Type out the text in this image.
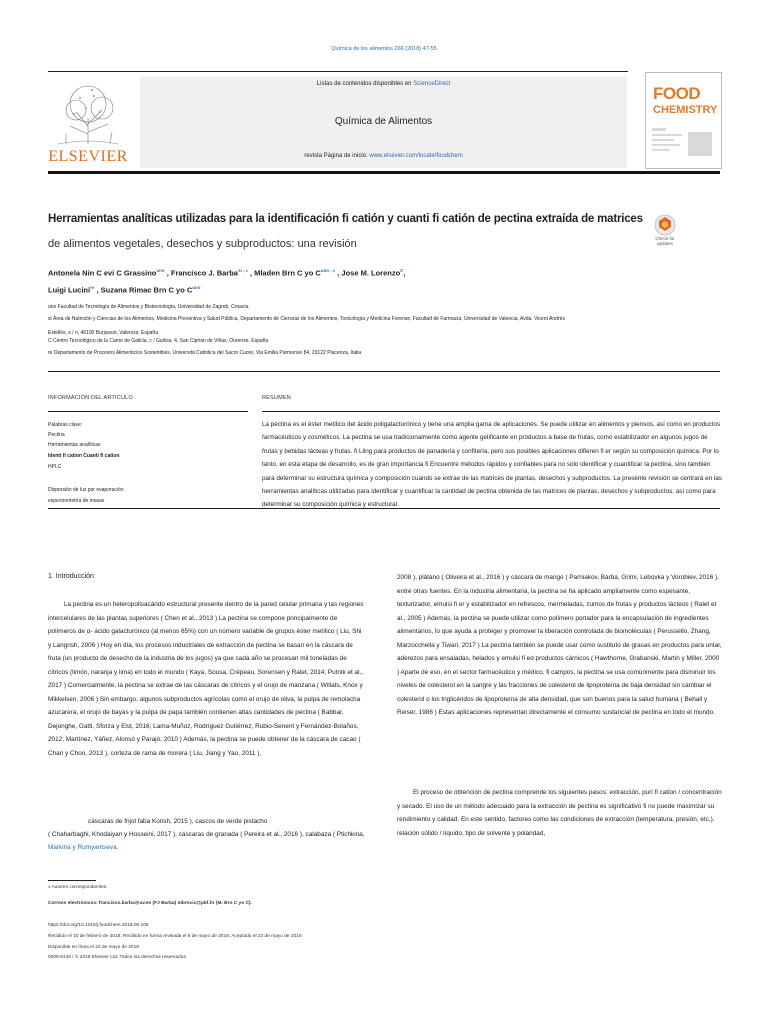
Química de los alimentos 266 (2018) 47-55
Listas de contenidos disponibles en ScienceDirect
Química de Alimentos
revista Página de inicio: www.elsevier.com/locate/foodchem
ELSEVIER
FOOD
CHEMISTRY
Herramientas analíticas utilizadas para la identificación ﬁ catión y cuanti ﬁ catión de pectina extraída de matrices
de alimentos vegetales, desechos y subproductos: una revisión	Check for updates
Antonela Nin C evi C Grassino$^{uno}$ , Francisco J. Barba$^{si , ⁎}$ , Mladen Brn C yo $C^{uno , ⁎}$ , Jose M. Lorenzo$^C$,
Luigi Lucini$^{re}$ , Suzana Rimac Brn C yo $C^{uno}$
uno Facultad de Tecnología de Alimentos y Biotecnología, Universidad de Zagreb, Croacia.
si Área de Nutrición y Ciencias de los Alimentos, Medicina Preventiva y Salud Pública, Departamento de Ciencias de los Alimentos, Toxicología y Medicina Forense, Facultad de Farmacia, Universidad de Valencia, Avda. Vicent Andrés
Estellés, s / n, 46100 Burjassot, Valencia, España
C Centro Tecnológico de la Carne de Galicia, c / Galicia, 4, San Ciprián de Viñas, Ourense, España
re Departamento de Procesos Alimenticios Sostenibles, Università Cattolica del Sacro Cuore, Via Emilia Parmense 84, 29122 Piacenza, Italia
INFORMACIÓN DEL ARTÍCULO
Palabras clave:
Pectina
Herramientas analíticas
Identi ﬁ cation Cuanti ﬁ cation
HPLC
Dispersión de luz por evaporación
espectrometría de masas
RESUMEN
La pectina es el éster metílico del ácido poligalacturónico y tiene una amplia gama de aplicaciones. Se puede utilizar en alimentos y piensos, así como en productos farmacéuticos y cosméticos. La pectina se usa tradicionalmente como agente gelificante en productos a base de frutas, como estabilizador en algunos jugos de frutas y bebidas lácteas y frutas. ﬁ Lling para productos de panadería y confitería, pero sus posibles aplicaciones difieren ﬁ er según su composición química. Por lo tanto, en esta etapa de desarrollo, es de gran importancia ﬁ Encuentre métodos rápidos y confiables para no solo identificar y cuantificar la pectina, sino también para determinar su estructura química y composición cuando se extrae de las matrices de plantas, desechos y subproductos. La presente revisión se centrará en las herramientas analíticas utilizadas para identificar y cuantificar la cantidad de pectina obtenida de las matrices de plantas, desechos y subproductos, así como para determinar su composición química y estructural.
1. Introducción
La pectina es un heteropolisacárido estructural presente dentro de la pared celular primaria y las regiones intercelulares de las plantas superiores ( Chen et al., 2013 ) La pectina se compone principalmente de polímeros de α- ácido galacturónico (al menos 65%) con un número variable de grupos éster metílico ( Liu, Shi y Langrish, 2006 ) Hoy en día, los procesos industriales de extracción de pectina se basan en la cáscara de fruta (un producto de desecho de la industria de los jugos) ya que cada año se procesan mil toneladas de cítricos (limón, naranja y lima) en todo el mundo ( Kaya, Sousa, Crépeau, Sorensen y Ralet, 2014; Putnik et al., 2017 ) Comercialmente, la pectina se extrae de las cáscaras de cítricos y el orujo de manzana ( Willats, Knox y Mikkelsen, 2006 ) Sin embargo, algunos subproductos agrícolas como el orujo de oliva, la pulpa de remolacha azucarera, el orujo de bayas y la pulpa de papa también contienen altas cantidades de pectina ( Babbar, Dejonghe, Gatti, Sforza y Elst, 2016; Lama-Muñoz, Rodríguez Gutiérrez, Rubio-Senent y Fernández-Bolaños, 2012; Martínez, Yáñez, Alonsó y Parajó, 2010 ) Además, la pectina se puede obtener de la cáscara de cacao ( Chan y Choo, 2013 ), corteza de rama de morera ( Liu, Jiang y Yao, 2011 ),
2008 ), plátano ( Oliveira et al., 2016 ) y cáscara de mango ( Parniakov, Barba, Grimi, Lebovka y Vorobiev, 2016 ), entre otras fuentes. En la industria alimentaria, la pectina se ha aplicado ampliamente como espesante, texturizador, emulsi ﬁ er y estabilizador en refrescos, mermeladas, zumos de frutas y productos lácteos ( Ralet et al., 2005 ) Además, la pectina se puede utilizar como polímero portador para la encapsulación de ingredientes alimentarios, lo que ayuda a proteger y promover la liberación controlada de biomoléculas ( Perussello, Zhang, Marzocchella y Tiwari, 2017 ) La pectina también se puede usar como sustituto de grasas en productos para untar, aderezos para ensaladas, helados y emulsi ﬁ ed productos cárnicos ( Hawthorne, Grabanski, Martin y Miller, 2000 ) Aparte de eso, en el sector farmacéutico y médico. ﬁ campos, la pectina se usa comúnmente para disminuir los niveles de colesterol en la sangre y las fracciones de colesterol de lipoproteína de baja densidad sin cambiar el colesterol o los triglicéridos de lipoproteína de alta densidad, que son buenos para la salud humana ( Behall y Reiser, 1986 ) Estas aplicaciones representan directamente el consumo sustancial de pectina en todo el mundo.
El proceso de obtención de pectina comprende los siguientes pasos: extracción, puri ﬁ cation / concentración y secado. El uso de un método adecuado para la extracción de pectina es significativo ﬁ no puede maximizar su rendimiento y calidad. En este sentido, factores como las condiciones de extracción (temperatura, presión, etc.), relación sólido / líquido, tipo de solvente y polaridad,
cáscaras de frijol faba Korish, 2015 ), cascos de verde pistacho
( Chaharbaghi, Khodaiyan y Hosseini, 2017 ), cáscaras de granada ( Pereira et al., 2016 ), calabaza ( Ptichkina,
Markina y Rumyantseva,
⁎ Autores correspondientes.
Correos electrónicos: francisco.barba@uv.es (FJ Barba) mbrncic@pbf.hr (M. Brn C yo C).
https://doi.org/10.1016/j.foodchem.2018.05.105
Recibido el 10 de febrero de 2018; Recibido en forma revisada el 9 de mayo de 2018; Aceptado el 23 de mayo de 2018
Disponible en línea el 23 de mayo de 2018
0308-8146 / © 2018 Elsevier Ltd. Todos los derechos reservados.
